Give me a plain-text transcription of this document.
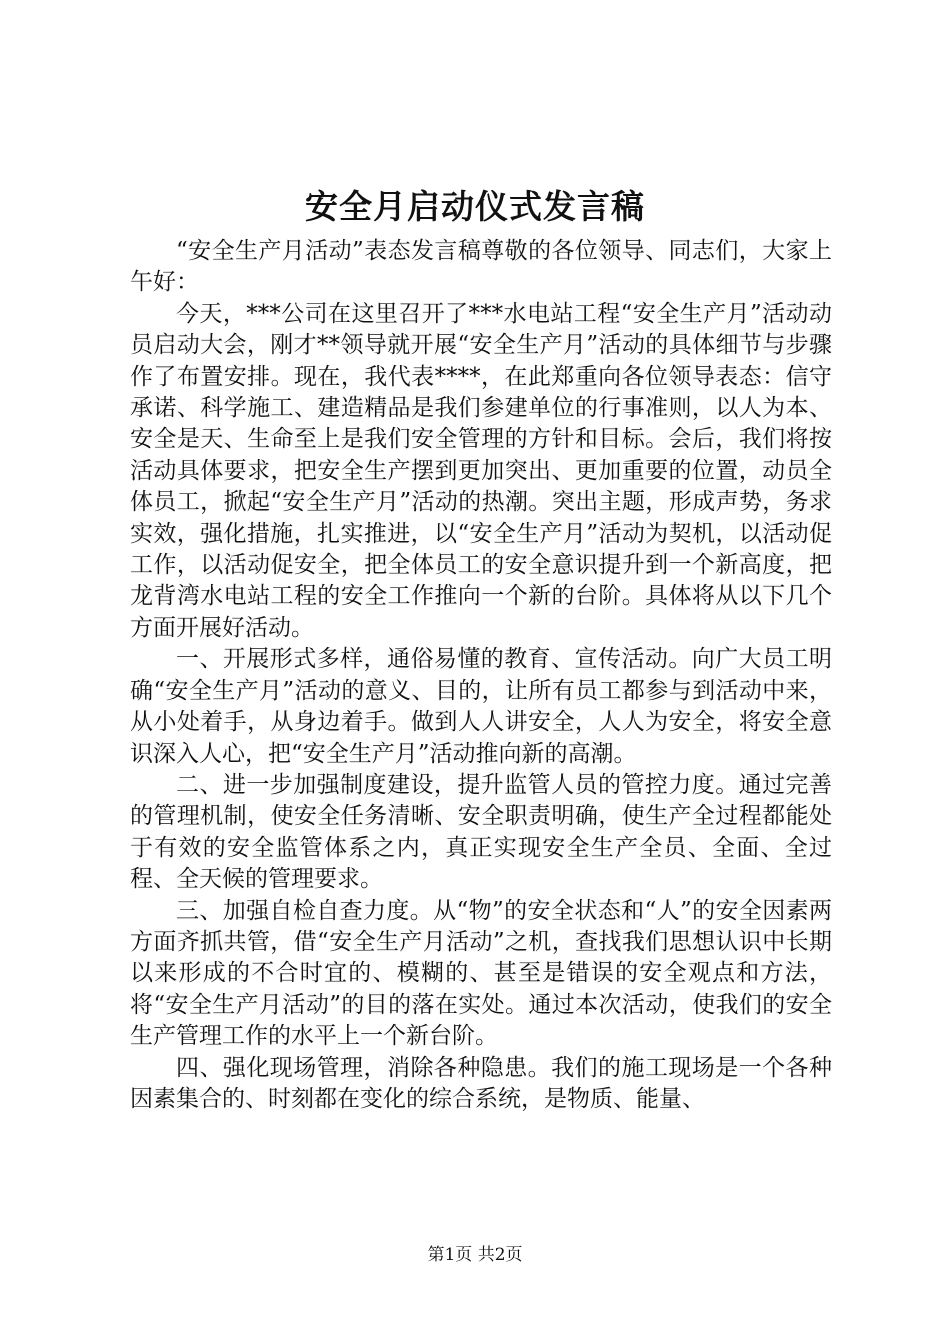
安全月启动仪式发言稿

“安全生产月活动”表态发言稿尊敬的各位领导、同志们，大家上午好：

今天，***公司在这里召开了***水电站工程“安全生产月”活动动员启动大会，刚才**领导就开展“安全生产月”活动的具体细节与步骤作了布置安排。现在，我代表****，在此郑重向各位领导表态：信守承诺、科学施工、建造精品是我们参建单位的行事准则，以人为本、安全是天、生命至上是我们安全管理的方针和目标。会后，我们将按活动具体要求，把安全生产摆到更加突出、更加重要的位置，动员全体员工，掀起“安全生产月”活动的热潮。突出主题，形成声势，务求实效，强化措施，扎实推进，以“安全生产月”活动为契机，以活动促工作，以活动促安全，把全体员工的安全意识提升到一个新高度，把龙背湾水电站工程的安全工作推向一个新的台阶。具体将从以下几个方面开展好活动。

一、开展形式多样，通俗易懂的教育、宣传活动。向广大员工明确“安全生产月”活动的意义、目的，让所有员工都参与到活动中来，从小处着手，从身边着手。做到人人讲安全，人人为安全，将安全意识深入人心，把“安全生产月”活动推向新的高潮。

二、进一步加强制度建设，提升监管人员的管控力度。通过完善的管理机制，使安全任务清晰、安全职责明确，使生产全过程都能处于有效的安全监管体系之内，真正实现安全生产全员、全面、全过程、全天候的管理要求。

三、加强自检自查力度。从“物”的安全状态和“人”的安全因素两方面齐抓共管，借“安全生产月活动”之机，查找我们思想认识中长期以来形成的不合时宜的、模糊的、甚至是错误的安全观点和方法，将“安全生产月活动”的目的落在实处。通过本次活动，使我们的安全生产管理工作的水平上一个新台阶。

四、强化现场管理，消除各种隐患。我们的施工现场是一个各种因素集合的、时刻都在变化的综合系统，是物质、能量、

第1页 共2页
